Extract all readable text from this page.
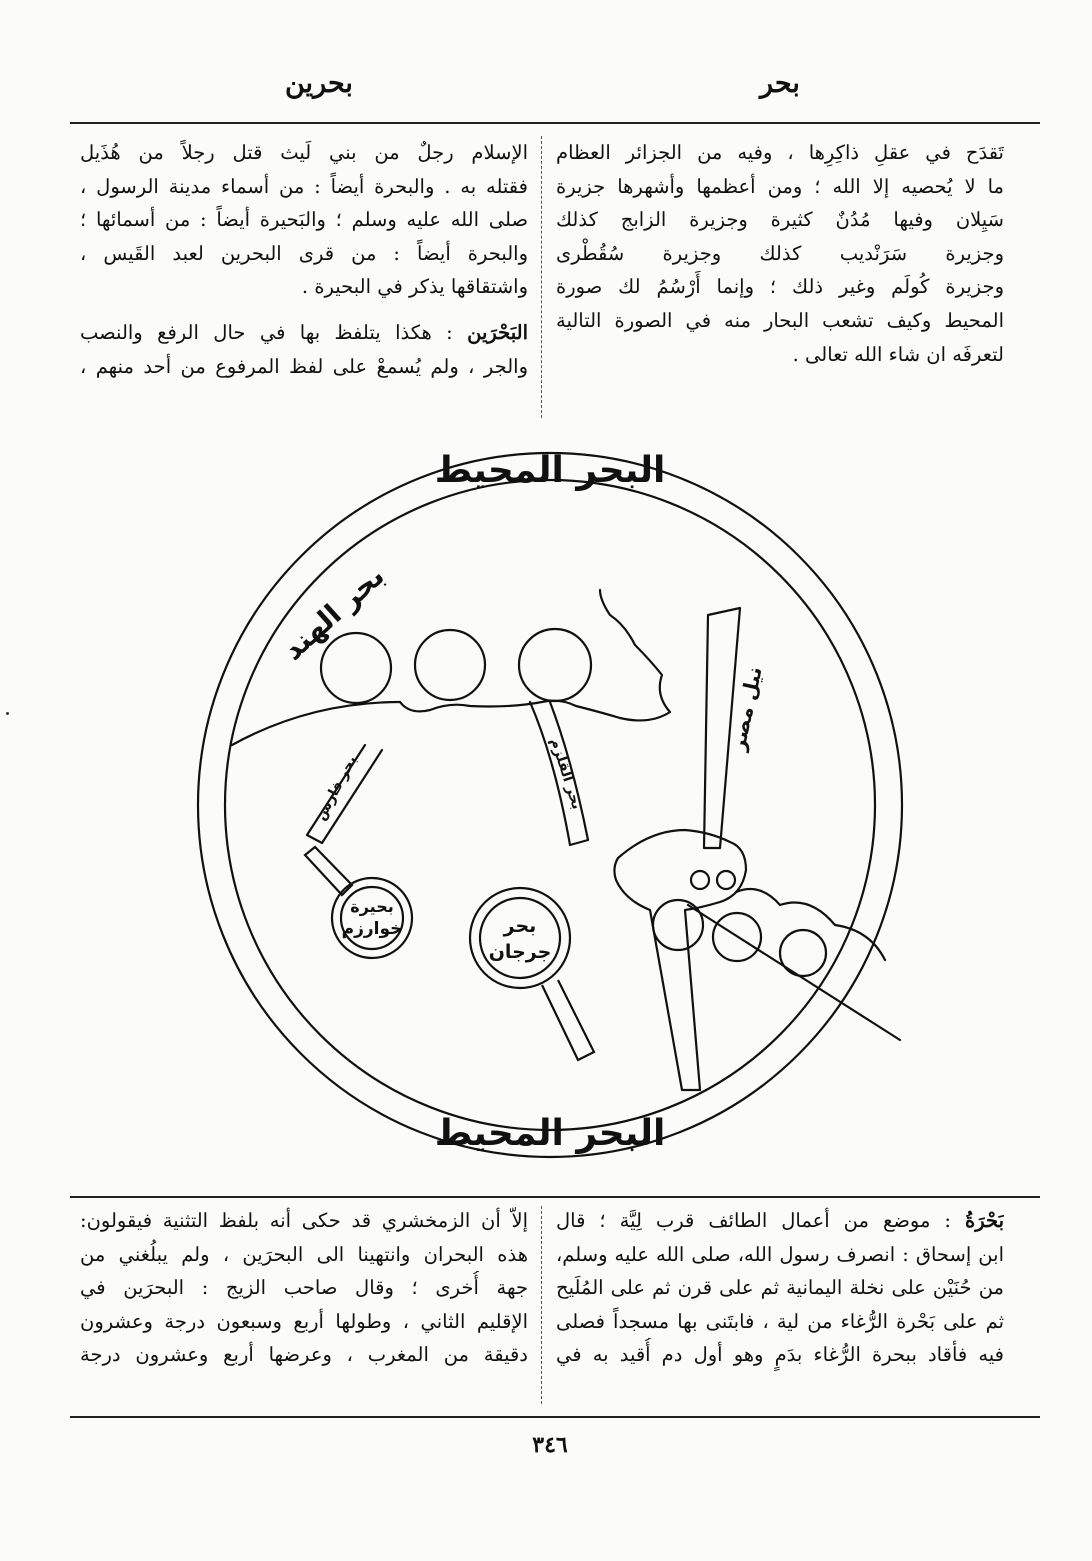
بحر
بحرين
تَقدَح في عقلِ ذاكِرِها ، وفيه من الجزائر العظام
ما لا يُحصيه إلا الله ؛ ومن أعظمها وأشهرها جزيرة
سَيِلان وفيها مُدُنٌ كثيرة وجزيرة الزابج كذلك
وجزيرة سَرَنْديب كذلك وجزيرة سُقُطْرى
وجزيرة كُولَم وغير ذلك ؛ وإنما أَرْسُمُ لك صورة
المحيط وكيف تشعب البحار منه في الصورة التالية
لتعرفَه ان شاء الله تعالى .
الإسلام رجلٌ من بني لَيث قتل رجلاً من هُذَيل
فقتله به . والبحرة أيضاً : من أسماء مدينة الرسول ،
صلى الله عليه وسلم ؛ والبَحيرة أيضاً : من أسمائها ؛
والبحرة أيضاً : من قرى البحرين لعبد القَيس ،
واشتقاقها يذكر في البحيرة .
البَحْرَين : هكذا يتلفظ بها في حال الرفع والنصب
والجر ، ولم يُسمعْ على لفظ المرفوع من أحد منهم ،
البحر المحيط
البحر المحيط
بحر الهند
نيل مصر
بحر فارس	بحر القلزم
بحيرة
خوارزم	بحر
جرجان
بَحْرَةُ : موضع من أعمال الطائف قرب لِيَّة ؛ قال
ابن إسحاق : انصرف رسول الله، صلى الله عليه وسلم،
من حُنَيْن على نخلة اليمانية ثم على قرن ثم على المُلَيح
ثم على بَحْرة الرُّغاء من لية ، فابتَنى بها مسجداً فصلى
فيه فأقاد ببحرة الرُّغاء بدَمٍ وهو أول دم أُقيد به في
إلاّ أن الزمخشري قد حكى أنه بلفظ التثنية فيقولون:
هذه البحران وانتهينا الى البحرَين ، ولم يبلُغني من
جهة أُخرى ؛ وقال صاحب الزيج : البحرَين في
الإقليم الثاني ، وطولها أربع وسبعون درجة وعشرون
دقيقة من المغرب ، وعرضها أربع وعشرون درجة
٣٤٦
